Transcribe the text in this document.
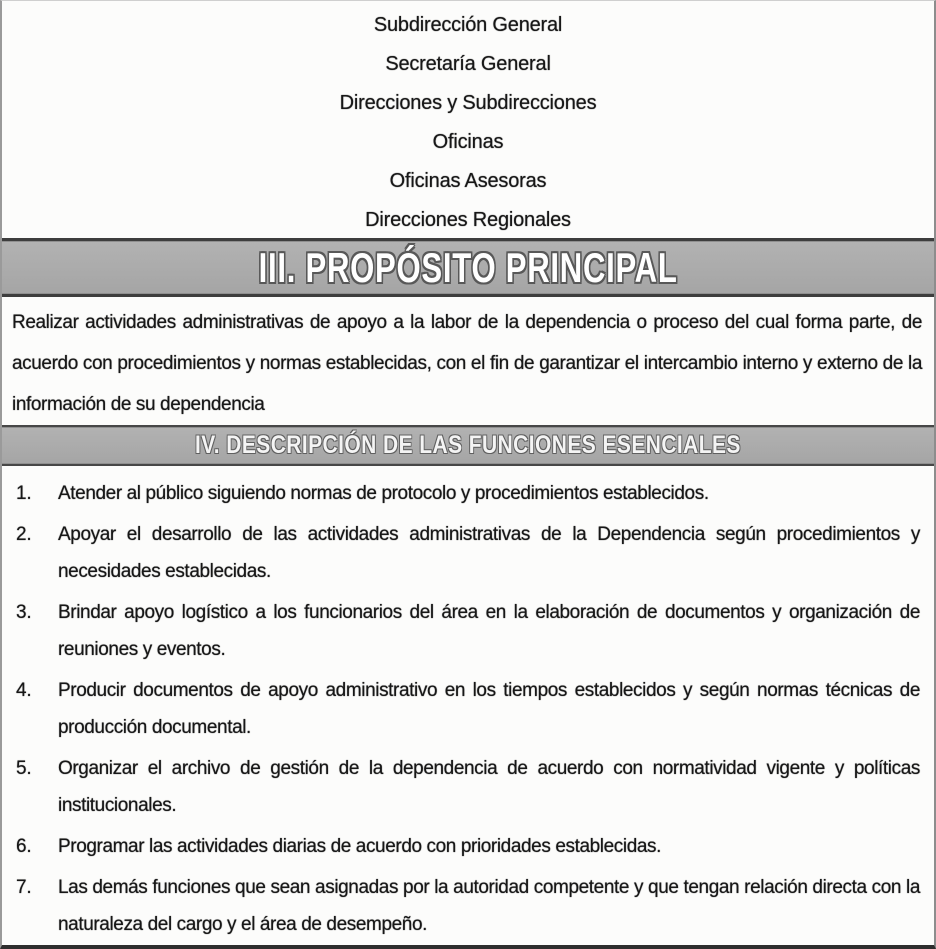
Subdirección General
Secretaría General
Direcciones y Subdirecciones
Oficinas
Oficinas Asesoras
Direcciones Regionales
III. PROPÓSITO PRINCIPAL
Realizar actividades administrativas de apoyo a la labor de la dependencia o proceso del cual forma parte, de acuerdo con procedimientos y normas establecidas, con el fin de garantizar el intercambio interno y externo de la información de su dependencia
IV. DESCRIPCIÓN DE LAS FUNCIONES ESENCIALES
1.	Atender al público siguiendo normas de protocolo y procedimientos establecidos.
2.	Apoyar el desarrollo de las actividades administrativas de la Dependencia según procedimientos y necesidades establecidas.
3.	Brindar apoyo logístico a los funcionarios del área en la elaboración de documentos y organización de reuniones y eventos.
4.	Producir documentos de apoyo administrativo en los tiempos establecidos y según normas técnicas de producción documental.
5.	Organizar el archivo de gestión de la dependencia de acuerdo con normatividad vigente y políticas institucionales.
6.	Programar las actividades diarias de acuerdo con prioridades establecidas.
7.	Las demás funciones que sean asignadas por la autoridad competente y que tengan relación directa con la naturaleza del cargo y el área de desempeño.
